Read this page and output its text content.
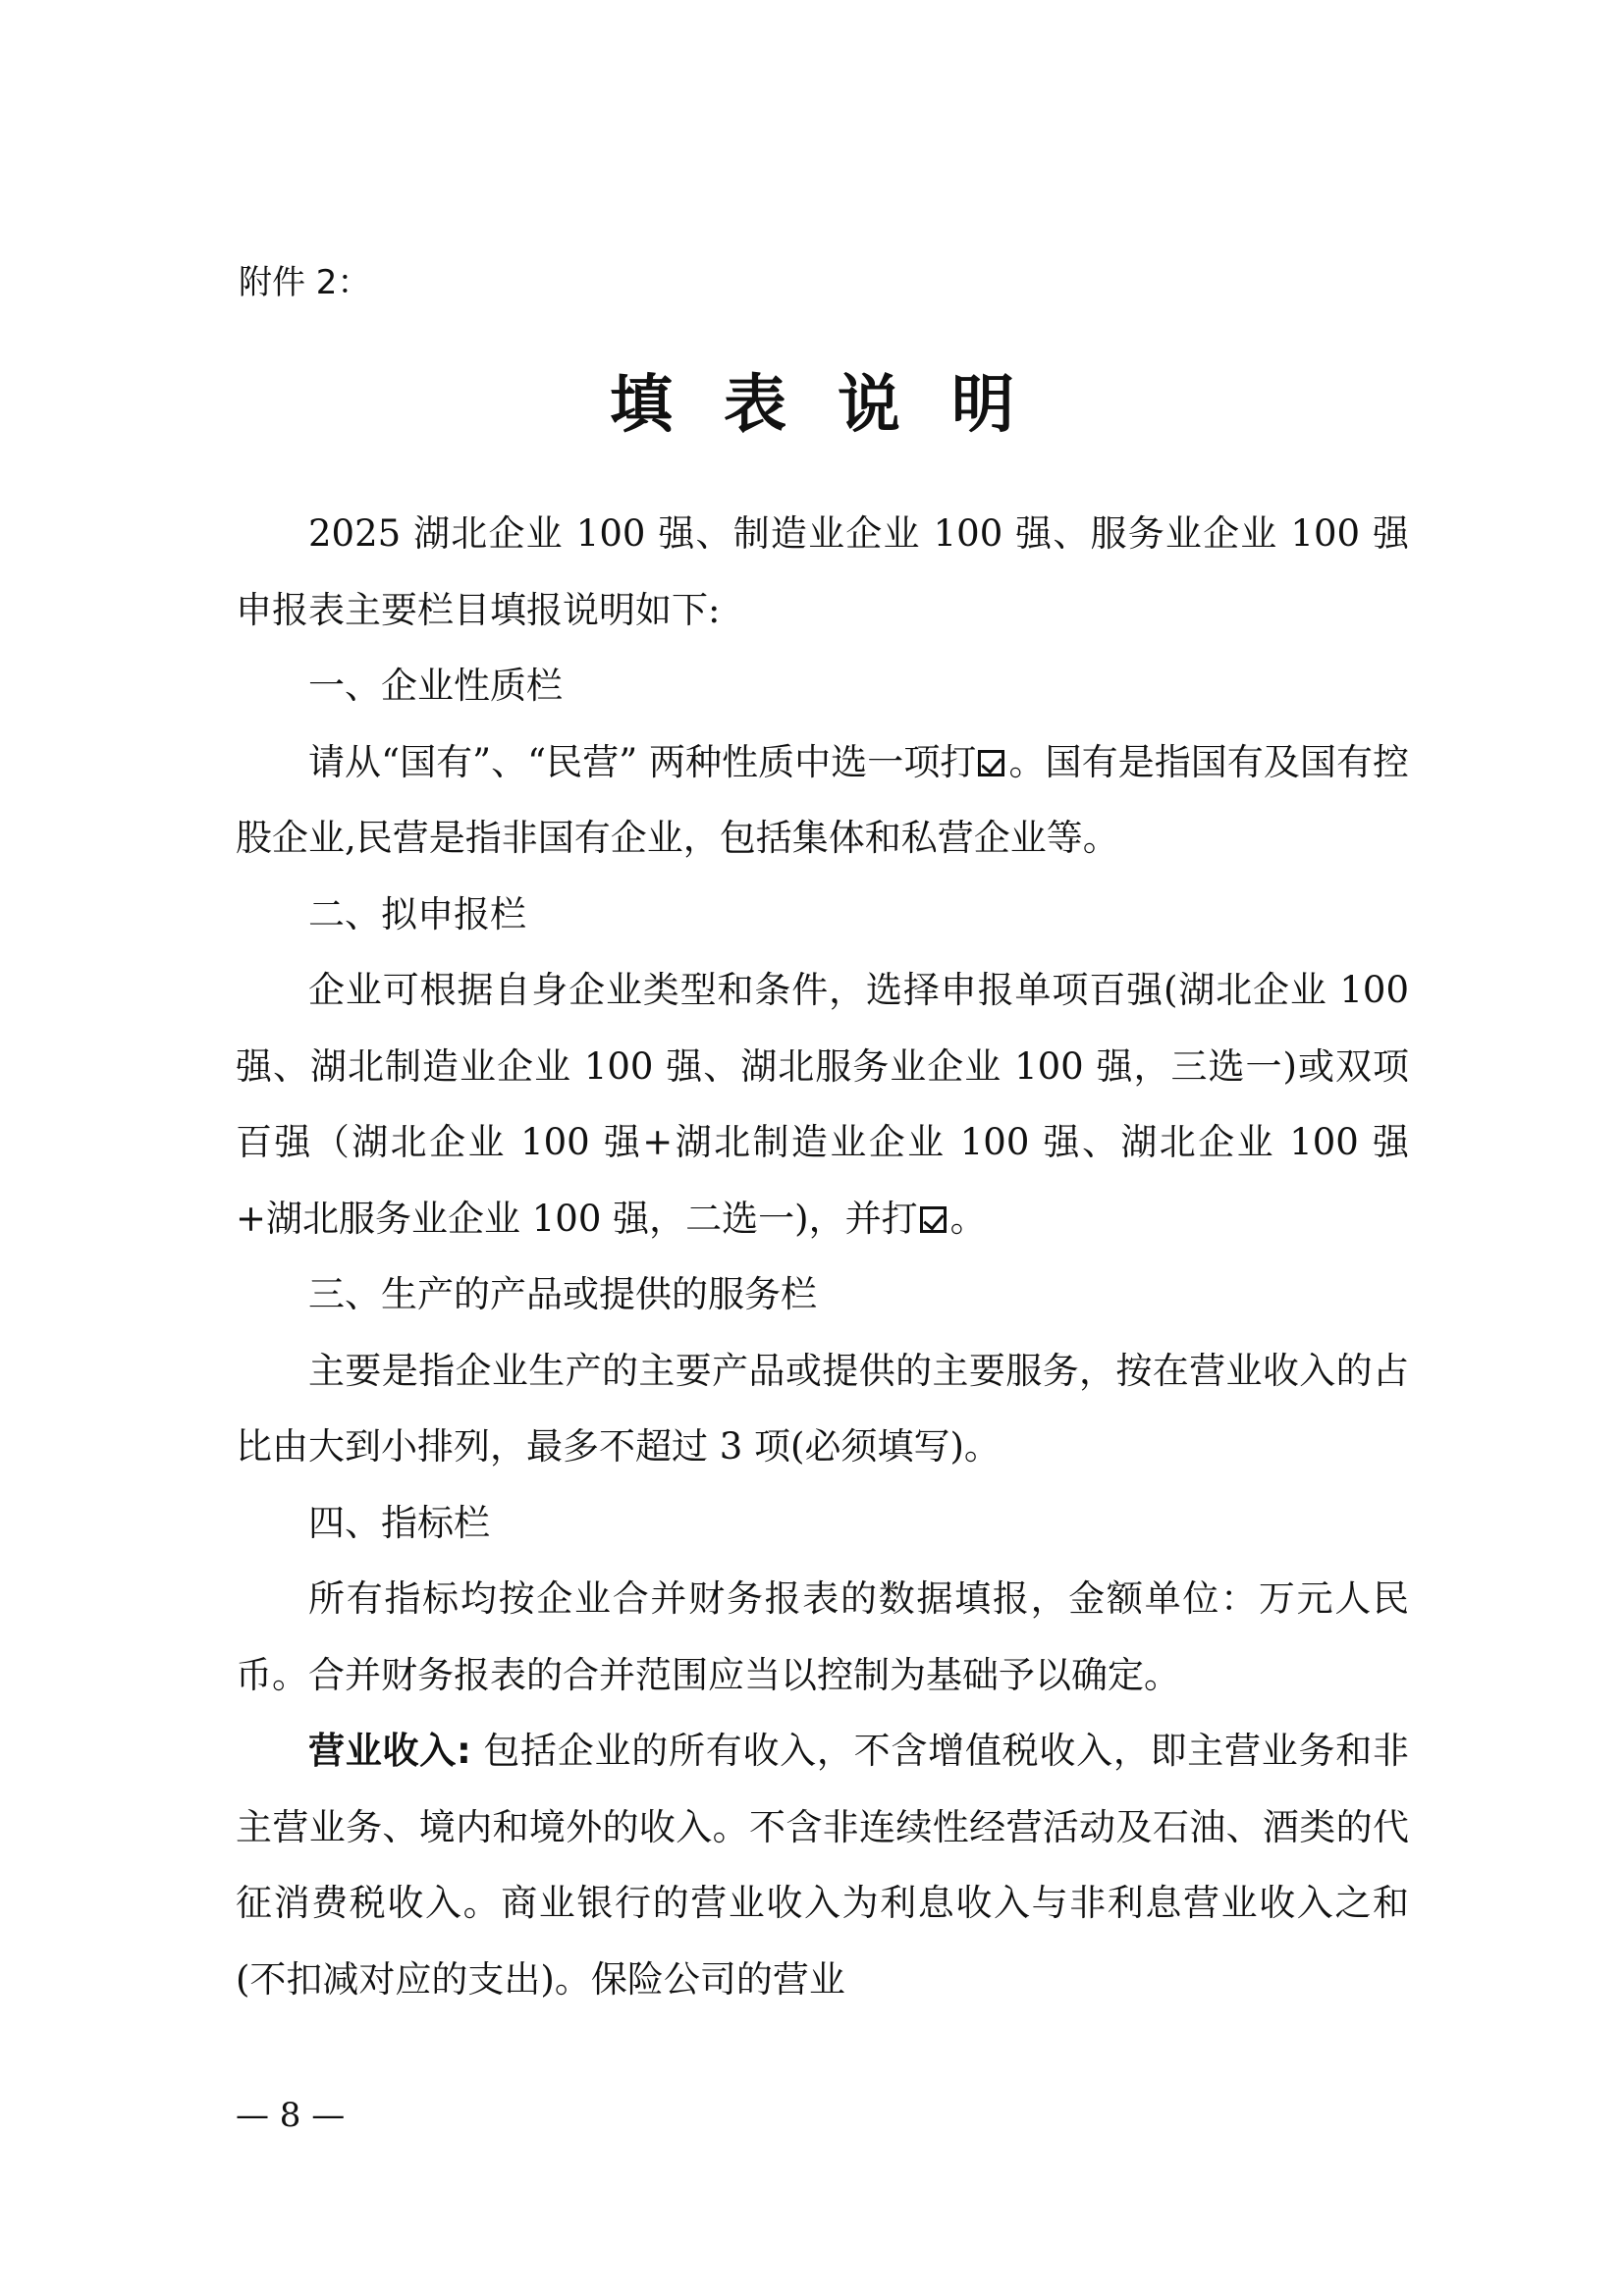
附件 2：
填表说明

2025 湖北企业 100 强、制造业企业 100 强、服务业企业 100 强申报表主要栏目填报说明如下:

一、企业性质栏

请从“国有”、“民营” 两种性质中选一项打 。国有是指国有及国有控股企业,民营是指非国有企业，包括集体和私营企业等。

二、拟申报栏

企业可根据自身企业类型和条件，选择申报单项百强(湖北企业 100 强、湖北制造业企业 100 强、湖北服务业企业 100 强，三选一)或双项百强（湖北企业 100 强+湖北制造业企业 100 强、湖北企业 100 强+湖北服务业企业 100 强，二选一)，并打 。

三、生产的产品或提供的服务栏

主要是指企业生产的主要产品或提供的主要服务，按在营业收入的占比由大到小排列，最多不超过 3 项(必须填写)。

四、指标栏

所有指标均按企业合并财务报表的数据填报，金额单位：万元人民币。合并财务报表的合并范围应当以控制为基础予以确定。

营业收入: 包括企业的所有收入，不含增值税收入，即主营业务和非主营业务、境内和境外的收入。不含非连续性经营活动及石油、酒类的代征消费税收入。商业银行的营业收入为利息收入与非利息营业收入之和(不扣减对应的支出)。保险公司的营业

— 8 —
